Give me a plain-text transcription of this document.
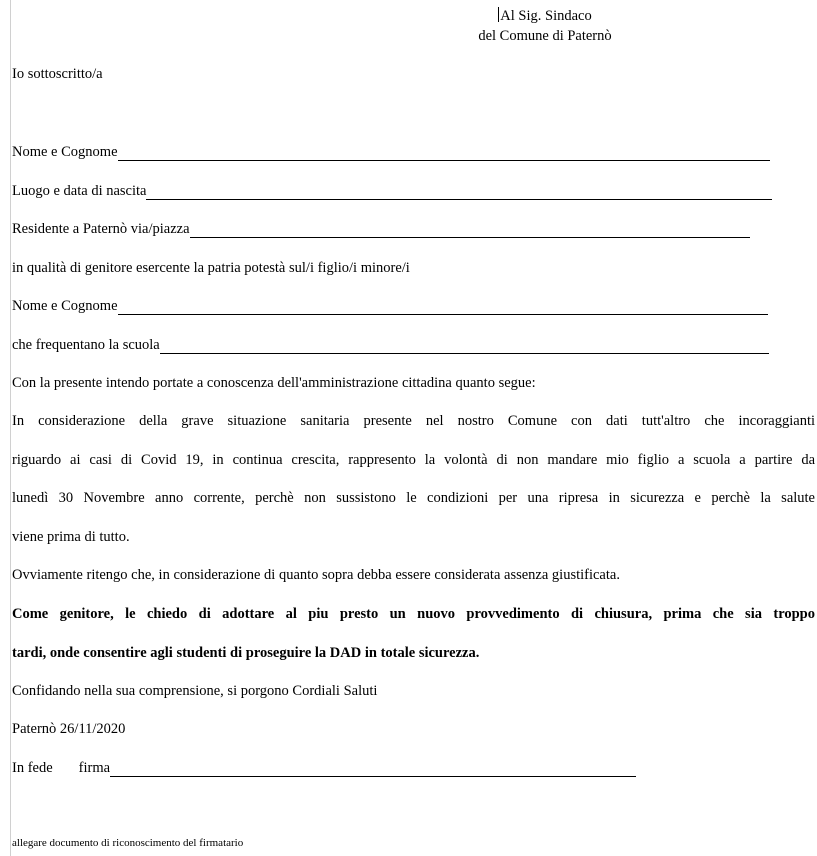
Al Sig. Sindaco
del Comune di Paternò
Io sottoscritto/a
Nome e Cognome
Luogo e data di nascita
Residente a Paternò via/piazza
in qualità di genitore esercente la patria potestà sul/i figlio/i minore/i
Nome e Cognome
che frequentano la scuola
Con la presente intendo portate a conoscenza dell'amministrazione cittadina quanto segue:
In considerazione della grave situazione sanitaria presente nel nostro Comune con dati tutt'altro che incoraggianti
riguardo ai casi di Covid 19, in continua crescita, rappresento la volontà di non mandare mio figlio a scuola a partire da
lunedì 30 Novembre anno corrente, perchè non sussistono le condizioni per una ripresa in sicurezza e perchè la salute
viene prima di tutto.
Ovviamente ritengo che, in considerazione di quanto sopra debba essere considerata assenza giustificata.
Come genitore, le chiedo di adottare al piu presto un nuovo provvedimento di chiusura, prima che sia troppo
tardi, onde consentire agli studenti di proseguire la DAD in totale sicurezza.
Confidando nella sua comprensione, si porgono Cordiali Saluti
Paternò 26/11/2020
In fede firma
allegare documento di riconoscimento del firmatario
